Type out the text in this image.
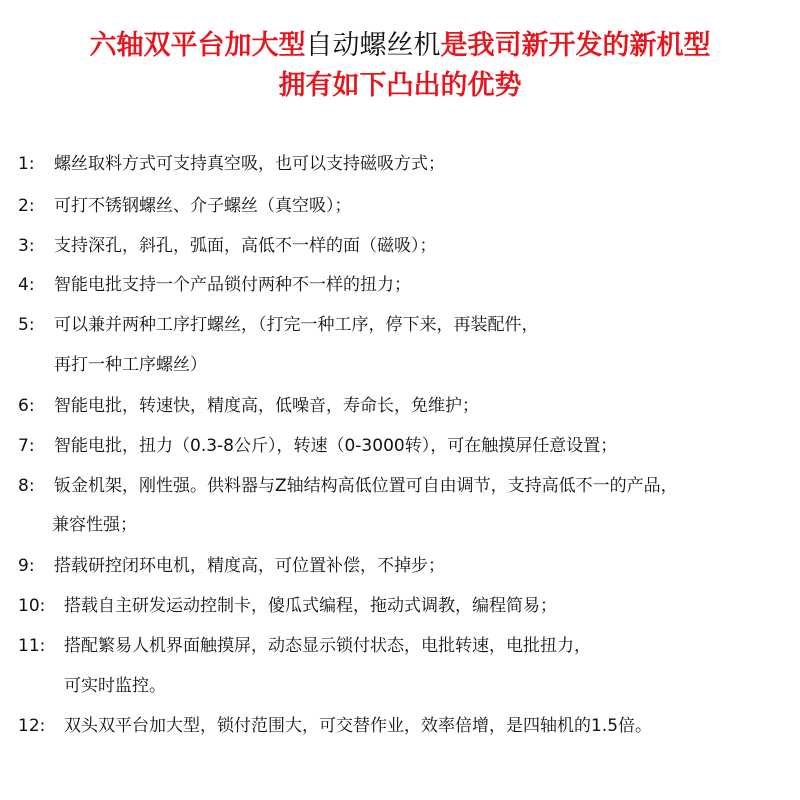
六轴双平台加大型自动螺丝机是我司新开发的新机型
拥有如下凸出的优势
1: 螺丝取料方式可支持真空吸，也可以支持磁吸方式；
2: 可打不锈钢螺丝、介子螺丝（真空吸）；
3: 支持深孔，斜孔，弧面，高低不一样的面（磁吸）；
4: 智能电批支持一个产品锁付两种不一样的扭力；
5: 可以兼并两种工序打螺丝，（打完一种工序，停下来，再装配件，
再打一种工序螺丝）
6: 智能电批，转速快，精度高，低噪音，寿命长，免维护；
7: 智能电批，扭力（0.3-8公斤），转速（0-3000转），可在触摸屏任意设置；
8: 钣金机架，刚性强。供料器与Z轴结构高低位置可自由调节，支持高低不一的产品，
兼容性强；
9: 搭载研控闭环电机，精度高，可位置补偿，不掉步；
10: 搭载自主研发运动控制卡，傻瓜式编程，拖动式调教，编程简易；
11: 搭配繁易人机界面触摸屏，动态显示锁付状态，电批转速，电批扭力，
可实时监控。
12: 双头双平台加大型，锁付范围大，可交替作业，效率倍增，是四轴机的1.5倍。
